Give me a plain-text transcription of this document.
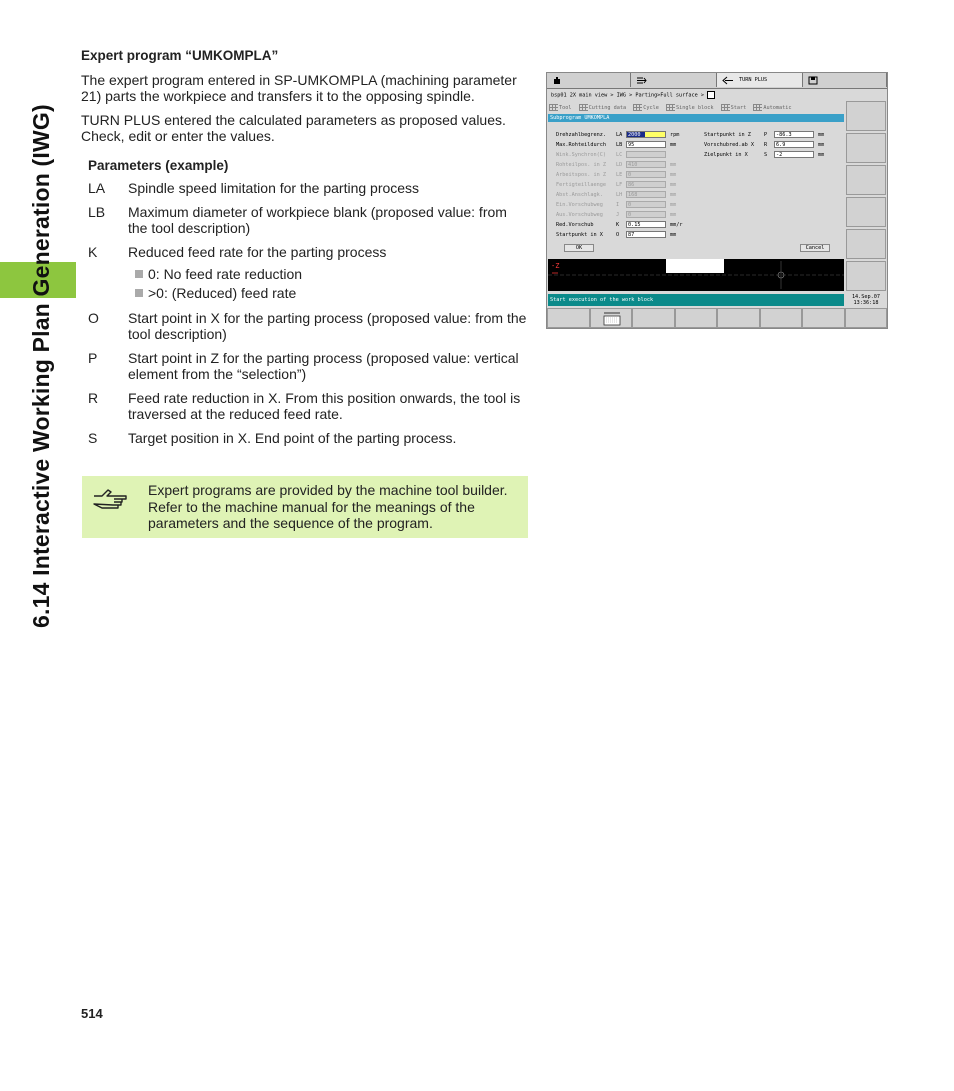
6.14 Interactive Working Plan Generation (IWG)
Expert program “UMKOMPLA”
The expert program entered in SP-UMKOMPLA (machining parameter 21) parts the workpiece and transfers it to the opposing spindle.
TURN PLUS entered the calculated parameters as proposed values. Check, edit or enter the values.
Parameters (example)
LA	Spindle speed limitation for the parting process
LB	Maximum diameter of workpiece blank (proposed value: from the tool description)
K	Reduced feed rate for the parting process
0: No feed rate reduction
>0: (Reduced) feed rate
O	Start point in X for the parting process (proposed value: from the tool description)
P	Start point in Z for the parting process (proposed value: vertical element from the “selection”)
R	Feed rate reduction in X. From this position onwards, the tool is traversed at the reduced feed rate.
S	Target position in X. End point of the parting process.
Expert programs are provided by the machine tool builder. Refer to the machine manual for the meanings of the parameters and the sequence of the program.
TURN PLUS
bsp01 2X main view > IWG > Parting>Full surface >
Tool	Cutting data	Cycle	Single block	Start	Automatic
Subprogram UMKOMPLA
Drehzahlbegrenz. LA	2000	rpm
Max.Rohteildurch LB	95	mm
Wink.Synchron(C) LC
Rohteilpos. in Z LD	410	mm
Arbeitspos. in Z LE	0	mm
Fertigteillaenge LF	86	mm
Abst.Anschlagk.	LH	168	mm
Ein.Vorschubweg	I	0	mm
Aus.Vorschubweg	J	0	mm
Red.Vorschub	K	0.15	mm/r
Startpunkt in X	O	87	mm
Startpunkt in Z	P	-86.3	mm
Vorschubred.ab X R	6.9	mm
Zielpunkt in X	S	-2	mm
OK	Cancel
-Z
Start execution of the work block	14.Sep.07
13:36:18
514
